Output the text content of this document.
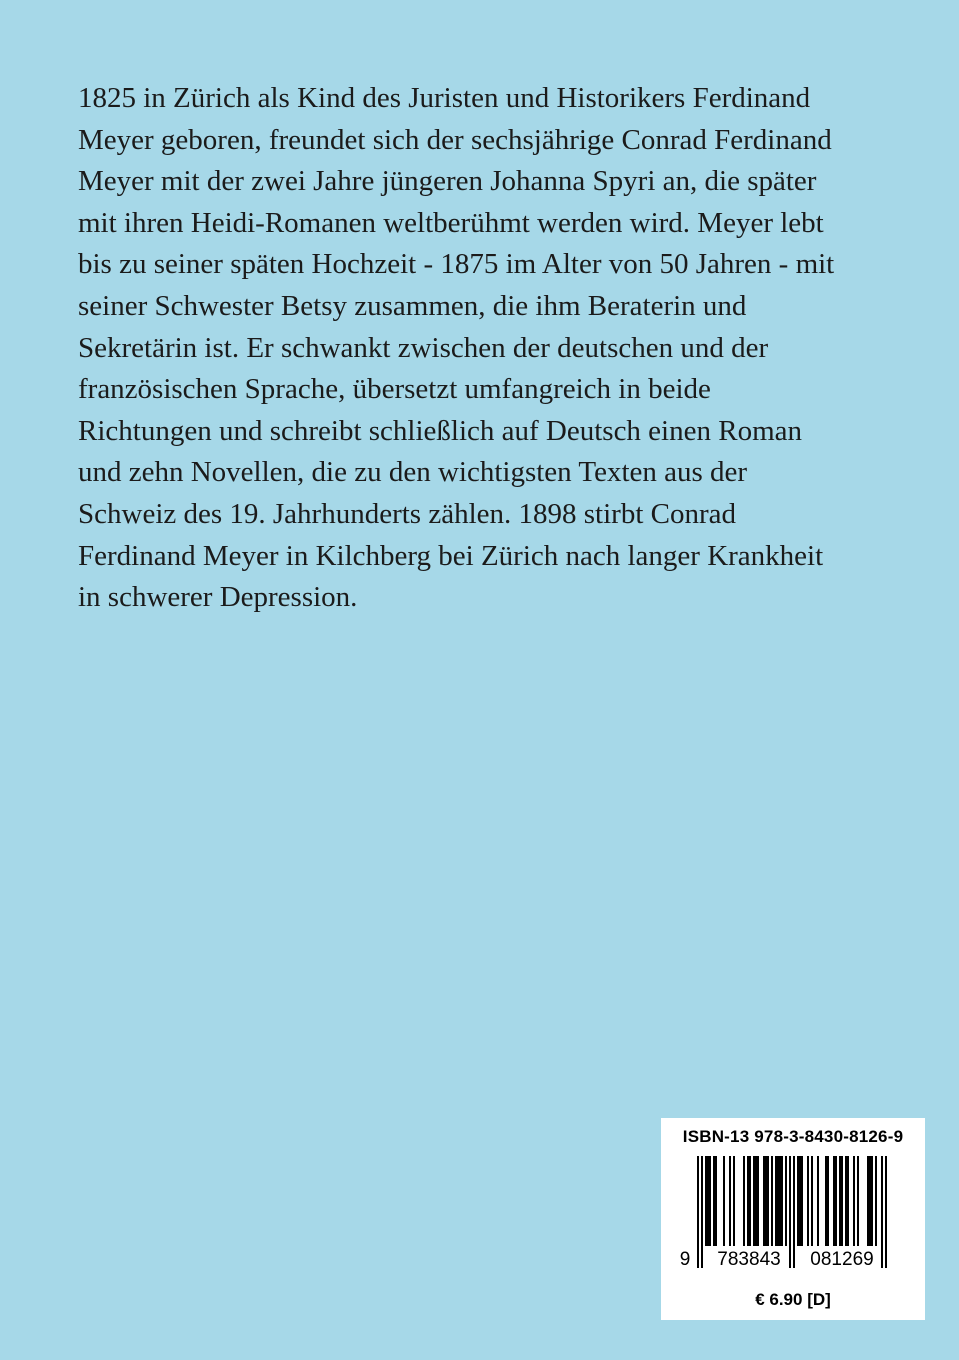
1825 in Zürich als Kind des Juristen und Historikers Ferdinand
Meyer geboren, freundet sich der sechsjährige Conrad Ferdinand
Meyer mit der zwei Jahre jüngeren Johanna Spyri an, die später
mit ihren Heidi-Romanen weltberühmt werden wird. Meyer lebt
bis zu seiner späten Hochzeit - 1875 im Alter von 50 Jahren - mit
seiner Schwester Betsy zusammen, die ihm Beraterin und
Sekretärin ist. Er schwankt zwischen der deutschen und der
französischen Sprache, übersetzt umfangreich in beide
Richtungen und schreibt schließlich auf Deutsch einen Roman
und zehn Novellen, die zu den wichtigsten Texten aus der
Schweiz des 19. Jahrhunderts zählen. 1898 stirbt Conrad
Ferdinand Meyer in Kilchberg bei Zürich nach langer Krankheit
in schwerer Depression.
ISBN-13 978-3-8430-8126-9
9 783843 081269
€ 6.90 [D]
